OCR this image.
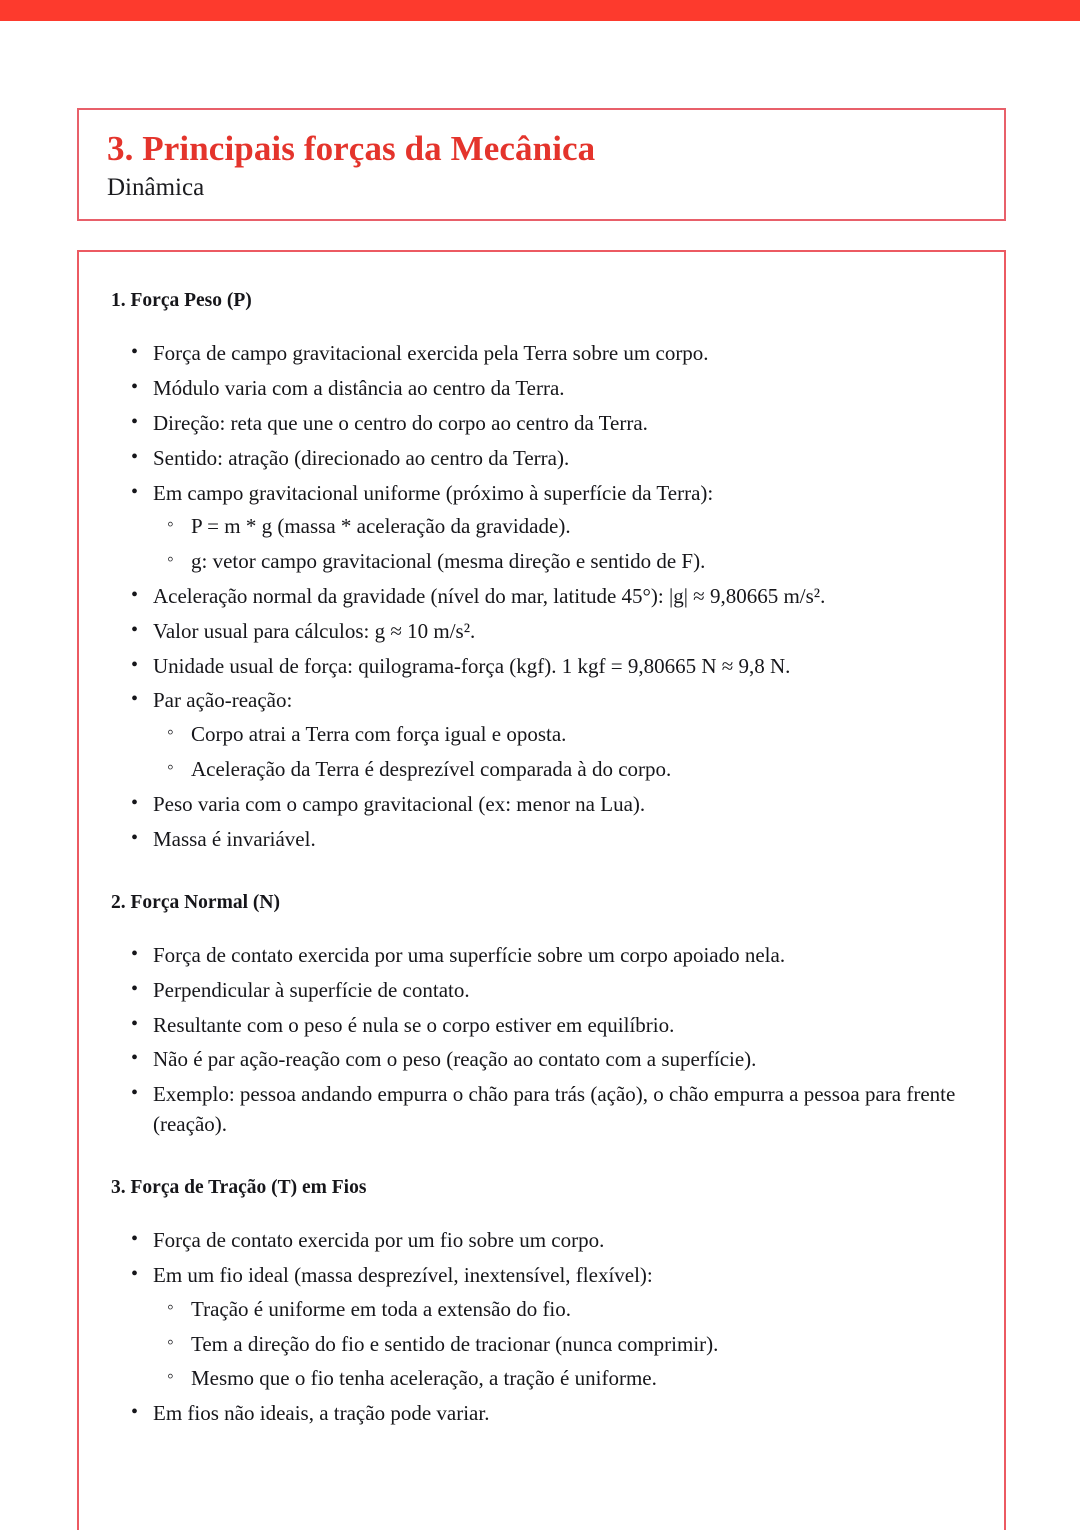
3. Principais forças da Mecânica
Dinâmica
1. Força Peso (P)
• Força de campo gravitacional exercida pela Terra sobre um corpo.
• Módulo varia com a distância ao centro da Terra.
• Direção: reta que une o centro do corpo ao centro da Terra.
• Sentido: atração (direcionado ao centro da Terra).
• Em campo gravitacional uniforme (próximo à superfície da Terra):
◦ P = m * g (massa * aceleração da gravidade).
◦ g: vetor campo gravitacional (mesma direção e sentido de F).
• Aceleração normal da gravidade (nível do mar, latitude 45°): |g| ≈ 9,80665 m/s².
• Valor usual para cálculos: g ≈ 10 m/s².
• Unidade usual de força: quilograma-força (kgf). 1 kgf = 9,80665 N ≈ 9,8 N.
• Par ação-reação:
◦ Corpo atrai a Terra com força igual e oposta.
◦ Aceleração da Terra é desprezível comparada à do corpo.
• Peso varia com o campo gravitacional (ex: menor na Lua).
• Massa é invariável.
2. Força Normal (N)
• Força de contato exercida por uma superfície sobre um corpo apoiado nela.
• Perpendicular à superfície de contato.
• Resultante com o peso é nula se o corpo estiver em equilíbrio.
• Não é par ação-reação com o peso (reação ao contato com a superfície).
• Exemplo: pessoa andando empurra o chão para trás (ação), o chão empurra a pessoa para frente (reação).
3. Força de Tração (T) em Fios
• Força de contato exercida por um fio sobre um corpo.
• Em um fio ideal (massa desprezível, inextensível, flexível):
◦ Tração é uniforme em toda a extensão do fio.
◦ Tem a direção do fio e sentido de tracionar (nunca comprimir).
◦ Mesmo que o fio tenha aceleração, a tração é uniforme.
• Em fios não ideais, a tração pode variar.
